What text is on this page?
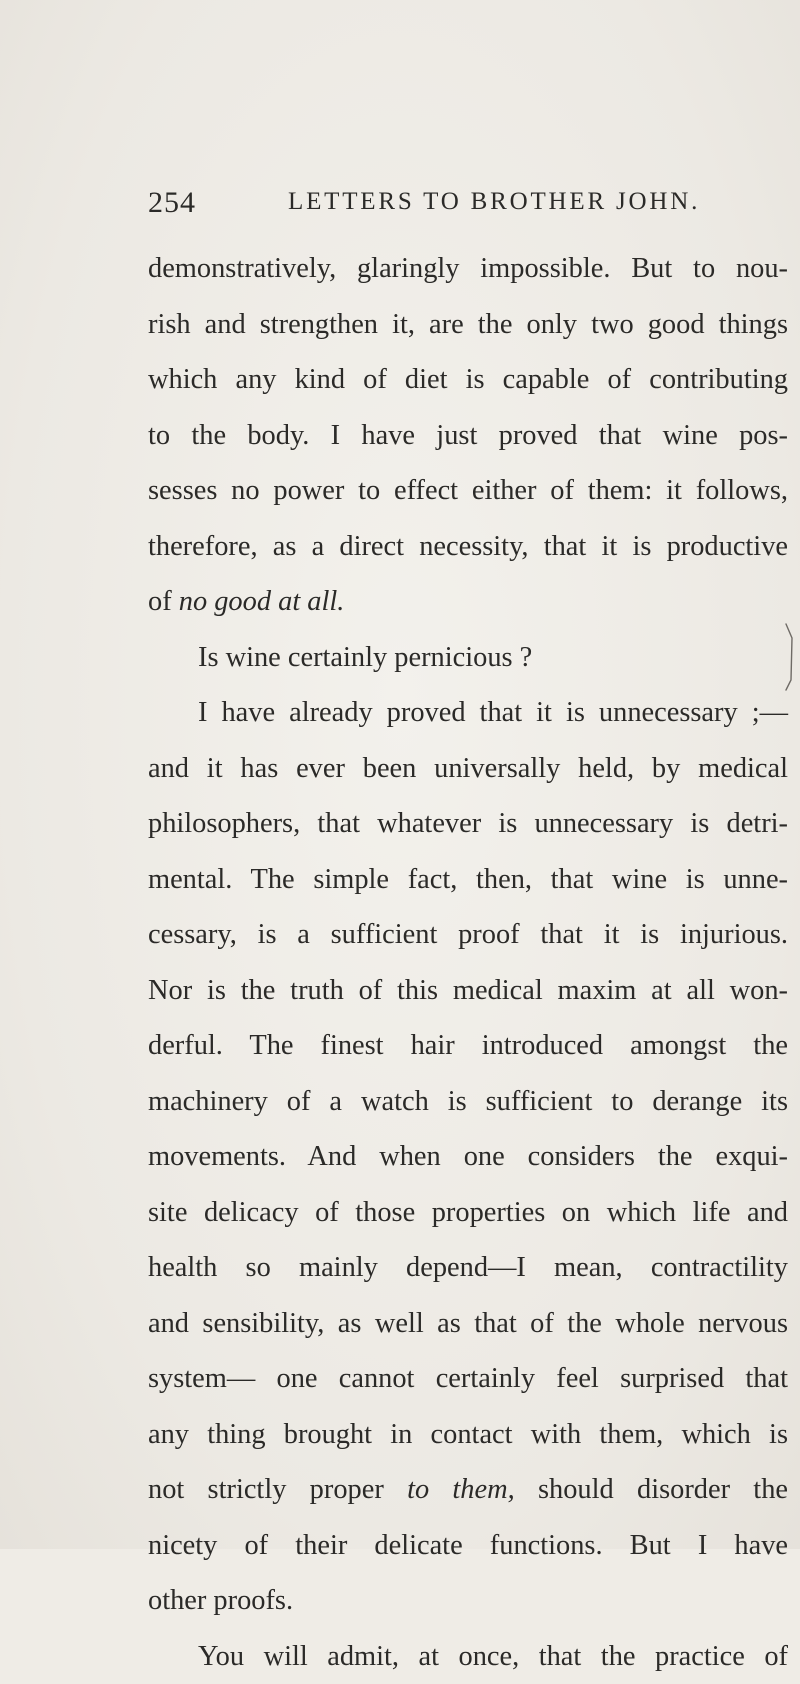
254	LETTERS TO BROTHER JOHN.
demonstratively, glaringly impossible. But to nou-
rish and strengthen it, are the only two good things
which any kind of diet is capable of contributing
to the body. I have just proved that wine pos-
sesses no power to effect either of them: it follows,
therefore, as a direct necessity, that it is productive
of no good at all.
Is wine certainly pernicious ?
I have already proved that it is unnecessary ;—
and it has ever been universally held, by medical
philosophers, that whatever is unnecessary is detri-
mental. The simple fact, then, that wine is unne-
cessary, is a sufficient proof that it is injurious.
Nor is the truth of this medical maxim at all won-
derful. The finest hair introduced amongst the
machinery of a watch is sufficient to derange its
movements. And when one considers the exqui-
site delicacy of those properties on which life and
health so mainly depend—I mean, contractility
and sensibility, as well as that of the whole nervous
system— one cannot certainly feel surprised that
any thing brought in contact with them, which is
not strictly proper to them, should disorder the
nicety of their delicate functions. But I have
other proofs.
You will admit, at once, that the practice of
